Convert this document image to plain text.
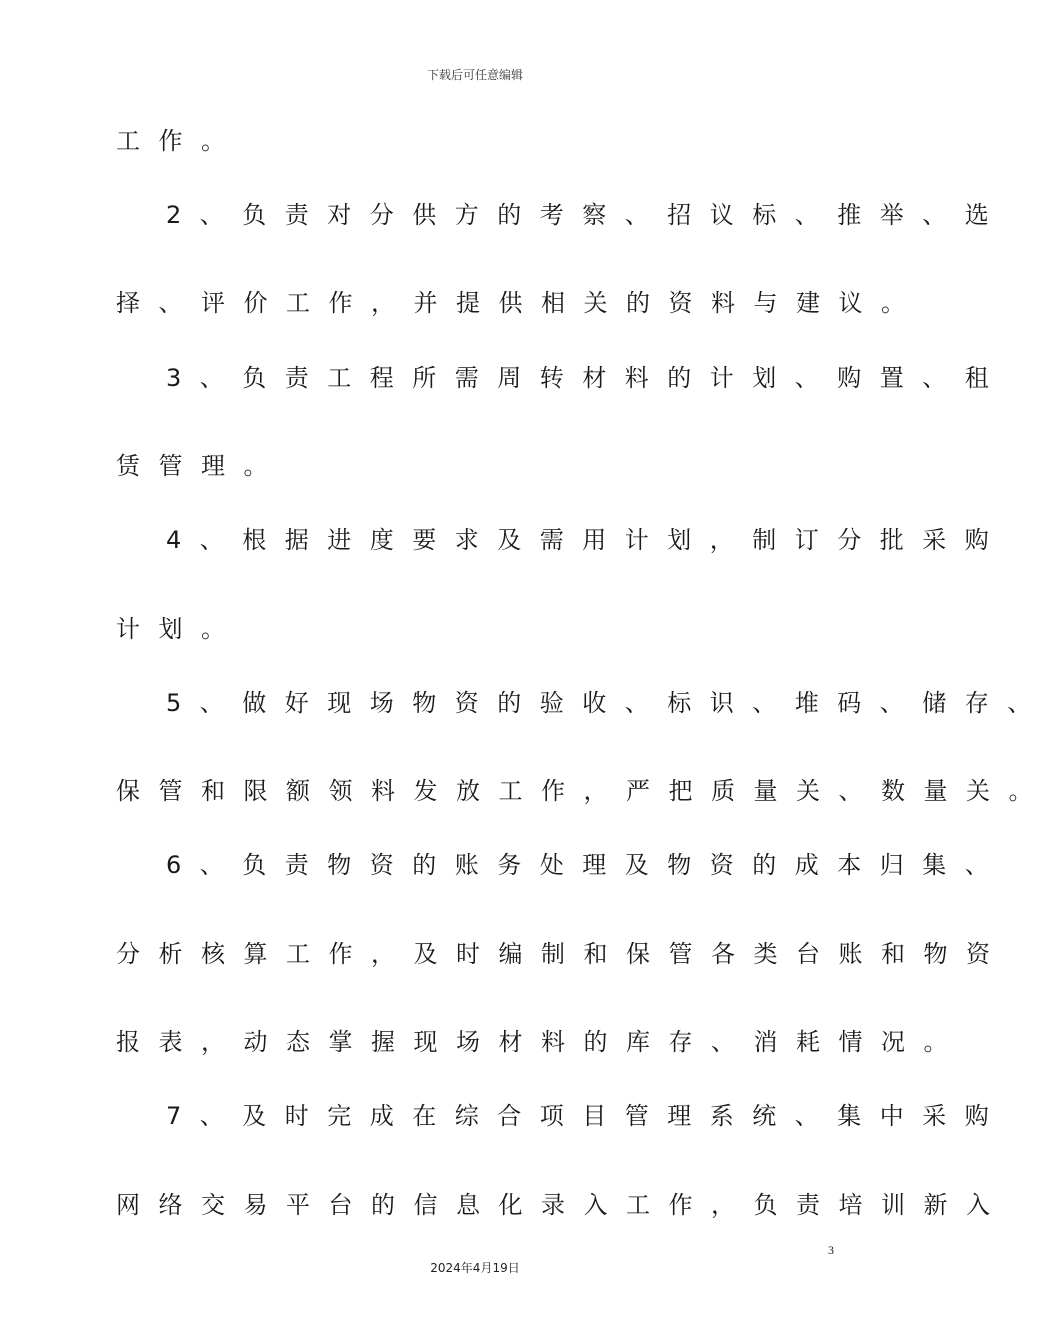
下载后可任意编辑
工作。
2、负责对分供方的考察、招议标、推举、选
择、评价工作，并提供相关的资料与建议。
3、负责工程所需周转材料的计划、购置、租
赁管理。
4、根据进度要求及需用计划，制订分批采购
计划。
5、做好现场物资的验收、标识、堆码、储存、
保管和限额领料发放工作，严把质量关、数量关。
6、负责物资的账务处理及物资的成本归集、
分析核算工作，及时编制和保管各类台账和物资
报表，动态掌握现场材料的库存、消耗情况。
7、及时完成在综合项目管理系统、集中采购
网络交易平台的信息化录入工作，负责培训新入
3
2024年4月19日
